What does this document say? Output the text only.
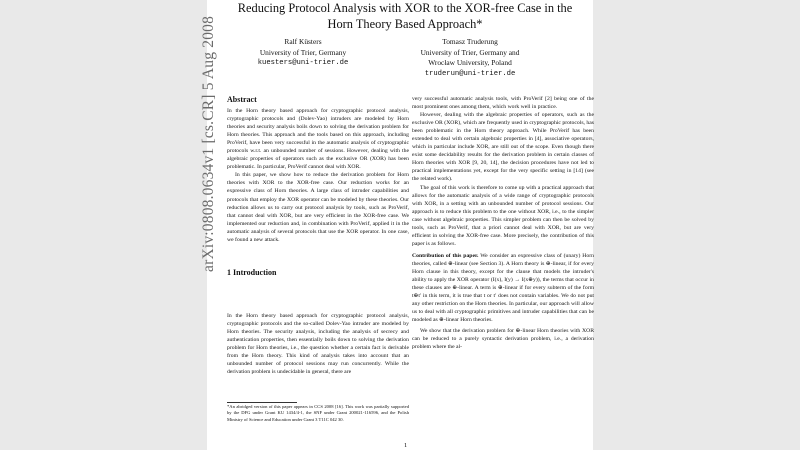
arXiv:0808.0634v1 [cs.CR] 5 Aug 2008
Reducing Protocol Analysis with XOR to the XOR-free Case in the Horn Theory Based Approach*
Ralf Küsters
University of Trier, Germany
kuesters@uni-trier.de
Tomasz Truderung
University of Trier, Germany and
Wrocław University, Poland
truderun@uni-trier.de
Abstract

In the Horn theory based approach for cryptographic protocol analysis, cryptographic protocols and (Dolev-Yao) intruders are modeled by Horn theories and security analysis boils down to solving the derivation problem for Horn theories. This approach and the tools based on this approach, including ProVerif, have been very successful in the automatic analysis of cryptographic protocols w.r.t. an unbounded number of sessions. However, dealing with the algebraic properties of operators such as the exclusive OR (XOR) has been problematic. In particular, ProVerif cannot deal with XOR.

In this paper, we show how to reduce the derivation problem for Horn theories with XOR to the XOR-free case. Our reduction works for an expressive class of Horn theories. A large class of intruder capabilities and protocols that employ the XOR operator can be modeled by these theories. Our reduction allows us to carry out protocol analysis by tools, such as ProVerif, that cannot deal with XOR, but are very efficient in the XOR-free case. We implemented our reduction and, in combination with ProVerif, applied it in the automatic analysis of several protocols that use the XOR operator. In one case, we found a new attack.

1 Introduction

In the Horn theory based approach for cryptographic protocol analysis, cryptographic protocols and the so-called Dolev-Yao intruder are modeled by Horn theories. The security analysis, including the analysis of secrecy and authentication properties, then essentially boils down to solving the derivation problem for Horn theories, i.e., the question whether a certain fact is derivable from the Horn theory. This kind of analysis takes into account that an unbounded number of protocol sessions may run concurrently. While the derivation problem is undecidable in general, there are

*An abridged version of this paper appears in CCS 2008 [16]. This work was partially supported by the DFG under Grant KU 1434/4-1, the SNF under Grant 200021-116596, and the Polish Ministry of Science and Education under Grant 3 T11C 042 30.

very successful automatic analysis tools, with ProVerif [2] being one of the most prominent ones among them, which work well in practice.

However, dealing with the algebraic properties of operators, such as the exclusive OR (XOR), which are frequently used in cryptographic protocols, has been problematic in the Horn theory approach. While ProVerif has been extended to deal with certain algebraic properties in [4], associative operators, which in particular include XOR, are still out of the scope. Even though there exist some decidability results for the derivation problem in certain classes of Horn theories with XOR [9, 20, 14], the decision procedures have not led to practical implementations yet, except for the very specific setting in [14] (see the related work).

The goal of this work is therefore to come up with a practical approach that allows for the automatic analysis of a wide range of cryptographic protocols with XOR, in a setting with an unbounded number of protocol sessions. Our approach is to reduce this problem to the one without XOR, i.e., to the simpler case without algebraic properties. This simpler problem can then be solved by tools, such as ProVerif, that a priori cannot deal with XOR, but are very efficient in solving the XOR-free case. More precisely, the contribution of this paper is as follows.

Contribution of this paper. We consider an expressive class of (unary) Horn theories, called ⊕-linear (see Section 3). A Horn theory is ⊕-linear, if for every Horn clause in this theory, except for the clause that models the intruder's ability to apply the XOR operator (I(x), I(y) → I(x⊕y)), the terms that occur in these clauses are ⊕-linear. A term is ⊕-linear if for every subterm of the form t⊕t′ in this term, it is true that t or t′ does not contain variables. We do not put any other restriction on the Horn theories. In particular, our approach will allow us to deal with all cryptographic primitives and intruder capabilities that can be modeled as ⊕-linear Horn theories.

We show that the derivation problem for ⊕-linear Horn theories with XOR can be reduced to a purely syntactic derivation problem, i.e., a derivation problem where the al-

1
